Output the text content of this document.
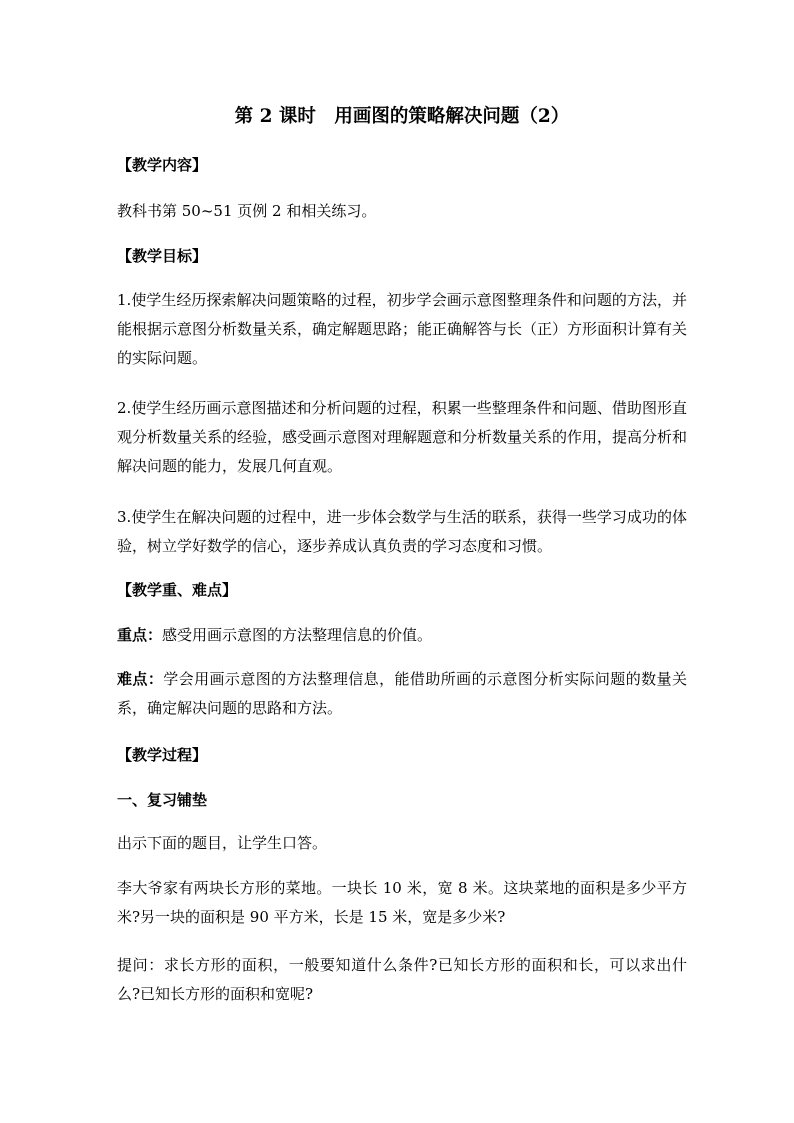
第 2 课时　用画图的策略解决问题（2）
【教学内容】
教科书第 50~51 页例 2 和相关练习。
【教学目标】
1.使学生经历探索解决问题策略的过程，初步学会画示意图整理条件和问题的方法，并能根据示意图分析数量关系，确定解题思路；能正确解答与长（正）方形面积计算有关的实际问题。
2.使学生经历画示意图描述和分析问题的过程，积累一些整理条件和问题、借助图形直观分析数量关系的经验，感受画示意图对理解题意和分析数量关系的作用，提高分析和解决问题的能力，发展几何直观。
3.使学生在解决问题的过程中，进一步体会数学与生活的联系，获得一些学习成功的体验，树立学好数学的信心，逐步养成认真负责的学习态度和习惯。
【教学重、难点】
重点：感受用画示意图的方法整理信息的价值。
难点：学会用画示意图的方法整理信息，能借助所画的示意图分析实际问题的数量关系，确定解决问题的思路和方法。
【教学过程】
一、复习铺垫
出示下面的题目，让学生口答。
李大爷家有两块长方形的菜地。一块长 10 米，宽 8 米。这块菜地的面积是多少平方米?另一块的面积是 90 平方米，长是 15 米，宽是多少米?
提问：求长方形的面积，一般要知道什么条件?已知长方形的面积和长，可以求出什么?已知长方形的面积和宽呢?
